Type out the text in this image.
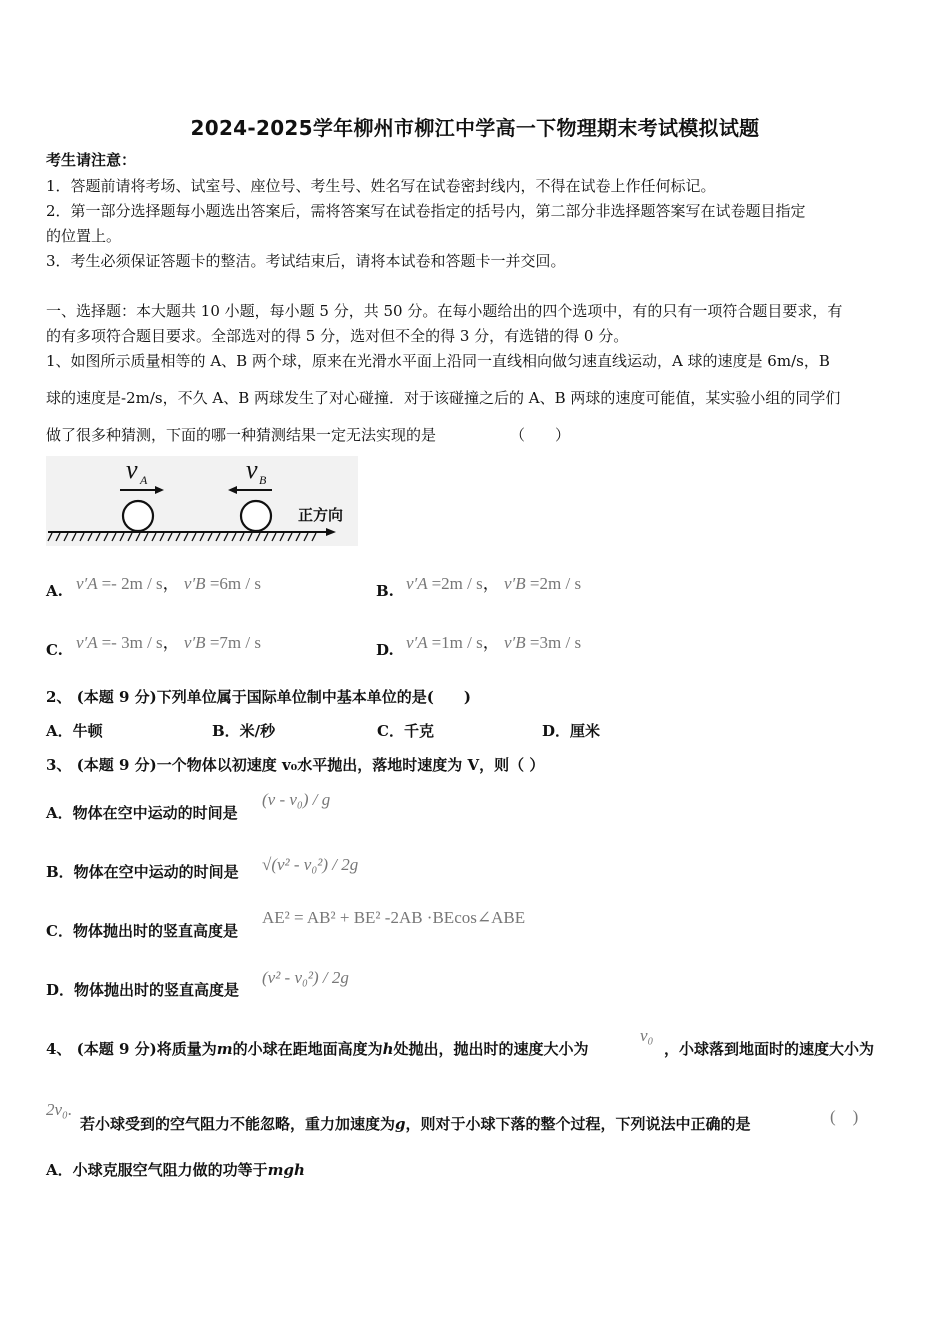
2024-2025学年柳州市柳江中学高一下物理期末考试模拟试题
考生请注意：
1．答题前请将考场、试室号、座位号、考生号、姓名写在试卷密封线内，不得在试卷上作任何标记。
2．第一部分选择题每小题选出答案后，需将答案写在试卷指定的括号内，第二部分非选择题答案写在试卷题目指定
的位置上。
3．考生必须保证答题卡的整洁。考试结束后，请将本试卷和答题卡一并交回。
一、选择题：本大题共 10 小题，每小题 5 分，共 50 分。在每小题给出的四个选项中，有的只有一项符合题目要求，有
的有多项符合题目要求。全部选对的得 5 分，选对但不全的得 3 分，有选错的得 0 分。
1、如图所示质量相等的 A、B 两个球，原来在光滑水平面上沿同一直线相向做匀速直线运动，A 球的速度是 6m/s，B
球的速度是-2m/s，不久 A、B 两球发生了对心碰撞．对于该碰撞之后的 A、B 两球的速度可能值，某实验小组的同学们
做了很多种猜测，下面的哪一种猜测结果一定无法实现的是	（　　）
v A	v B
正方向
A. v′A =- 2m / s， v′B =6m / s	B. v′A =2m / s， v′B =2m / s
C. v′A =- 3m / s， v′B =7m / s	D. v′A =1m / s， v′B =3m / s
2、 (本题 9 分)下列单位属于国际单位制中基本单位的是(　　)
A．牛顿	B．米/秒	C．千克	D．厘米
3、 (本题 9 分)一个物体以初速度 v₀水平抛出，落地时速度为 V，则（ ）
A．物体在空中运动的时间是
(v - v₀) / g
B．物体在空中运动的时间是 √(v² - v₀²) / 2g
C．物体抛出时的竖直高度是
AE² = AB² + BE² -2AB ·BEcos∠ABE
D．物体抛出时的竖直高度是
(v² - v₀²) / 2g
4、 (本题 9 分)将质量为m的小球在距地面高度为h处抛出，抛出时的速度大小为
v₀
，小球落到地面时的速度大小为
2v₀.
若小球受到的空气阻力不能忽略，重力加速度为g，则对于小球下落的整个过程，下列说法中正确的是	(　)
A．小球克服空气阻力做的功等于mgh
